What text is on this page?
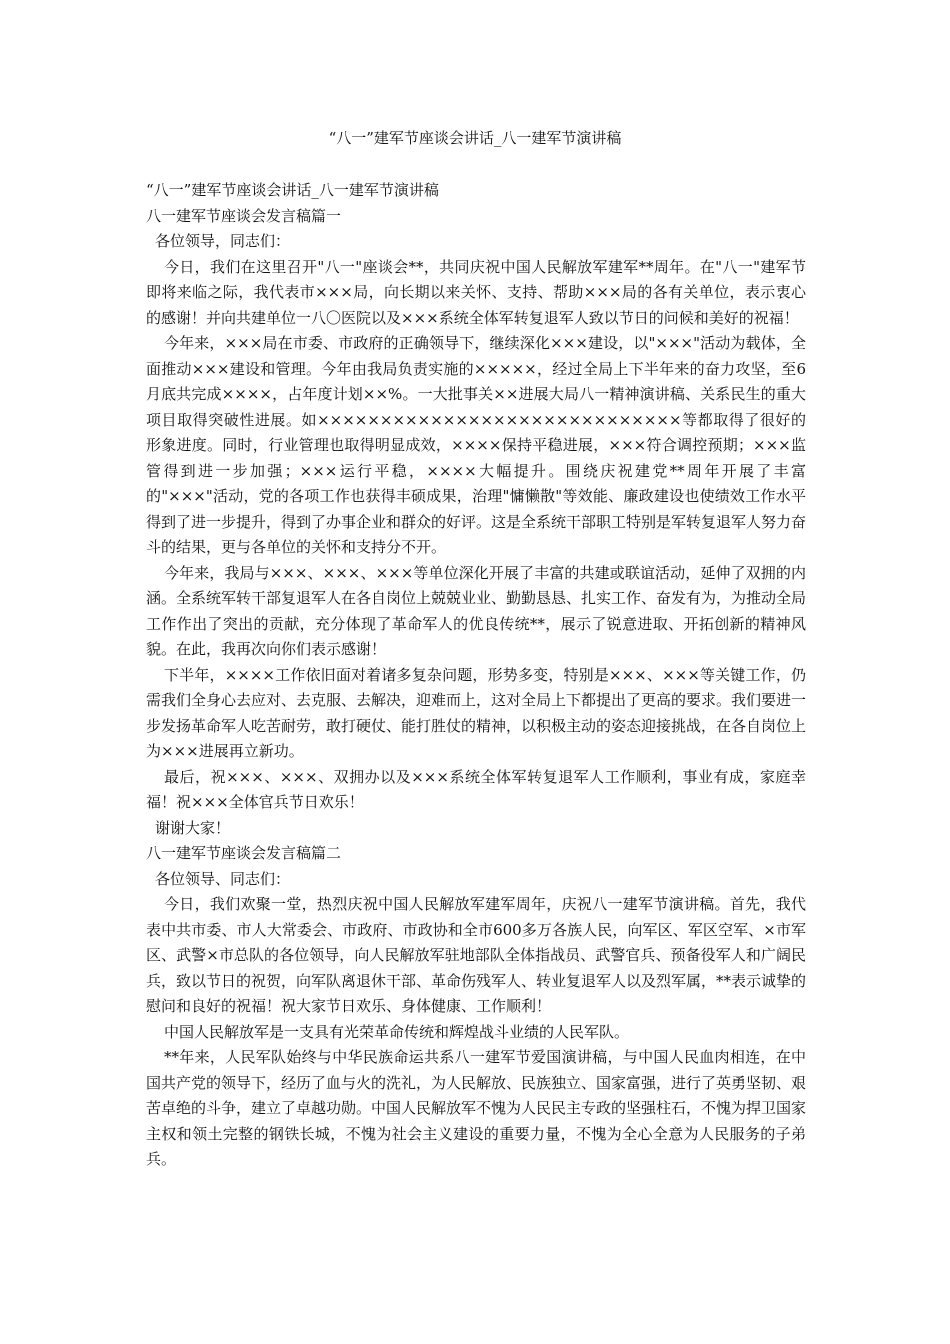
“八一”建军节座谈会讲话_八一建军节演讲稿

“八一”建军节座谈会讲话_八一建军节演讲稿

八一建军节座谈会发言稿篇一

各位领导，同志们：

今日，我们在这里召开"八一"座谈会**，共同庆祝中国人民解放军建军**周年。在"八一"建军节即将来临之际，我代表市×××局，向长期以来关怀、支持、帮助×××局的各有关单位，表示衷心的感谢！并向共建单位一八〇医院以及×××系统全体军转复退军人致以节日的问候和美好的祝福！

今年来，×××局在市委、市政府的正确领导下，继续深化×××建设，以"×××"活动为载体，全面推动×××建设和管理。今年由我局负责实施的×××××，经过全局上下半年来的奋力攻坚，至6月底共完成××××，占年度计划××%。一大批事关××进展大局八一精神演讲稿、关系民生的重大项目取得突破性进展。如×××××××××××××××××××××××××××××等都取得了很好的形象进度。同时，行业管理也取得明显成效，××××保持平稳进展，×××符合调控预期；×××监管得到进一步加强；×××运行平稳，××××大幅提升。围绕庆祝建党**周年开展了丰富的"×××"活动，党的各项工作也获得丰硕成果，治理"慵懒散"等效能、廉政建设也使绩效工作水平得到了进一步提升，得到了办事企业和群众的好评。这是全系统干部职工特别是军转复退军人努力奋斗的结果，更与各单位的关怀和支持分不开。

今年来，我局与×××、×××、×××等单位深化开展了丰富的共建或联谊活动，延伸了双拥的内涵。全系统军转干部复退军人在各自岗位上兢兢业业、勤勤恳恳、扎实工作、奋发有为，为推动全局工作作出了突出的贡献，充分体现了革命军人的优良传统**，展示了锐意进取、开拓创新的精神风貌。在此，我再次向你们表示感谢！

下半年，××××工作依旧面对着诸多复杂问题，形势多变，特别是×××、×××等关键工作，仍需我们全身心去应对、去克服、去解决，迎难而上，这对全局上下都提出了更高的要求。我们要进一步发扬革命军人吃苦耐劳，敢打硬仗、能打胜仗的精神，以积极主动的姿态迎接挑战，在各自岗位上为×××进展再立新功。

最后，祝×××、×××、双拥办以及×××系统全体军转复退军人工作顺利，事业有成，家庭幸福！祝×××全体官兵节日欢乐！

谢谢大家！

八一建军节座谈会发言稿篇二

各位领导、同志们：

今日，我们欢聚一堂，热烈庆祝中国人民解放军建军周年，庆祝八一建军节演讲稿。首先，我代表中共市委、市人大常委会、市政府、市政协和全市600多万各族人民，向军区、军区空军、×市军区、武警×市总队的各位领导，向人民解放军驻地部队全体指战员、武警官兵、预备役军人和广阔民兵，致以节日的祝贺，向军队离退休干部、革命伤残军人、转业复退军人以及烈军属，**表示诚挚的慰问和良好的祝福！祝大家节日欢乐、身体健康、工作顺利！

中国人民解放军是一支具有光荣革命传统和辉煌战斗业绩的人民军队。

**年来，人民军队始终与中华民族命运共系八一建军节爱国演讲稿，与中国人民血肉相连，在中国共产党的领导下，经历了血与火的洗礼，为人民解放、民族独立、国家富强，进行了英勇坚韧、艰苦卓绝的斗争，建立了卓越功勋。中国人民解放军不愧为人民民主专政的坚强柱石，不愧为捍卫国家主权和领土完整的钢铁长城，不愧为社会主义建设的重要力量，不愧为全心全意为人民服务的子弟兵。
